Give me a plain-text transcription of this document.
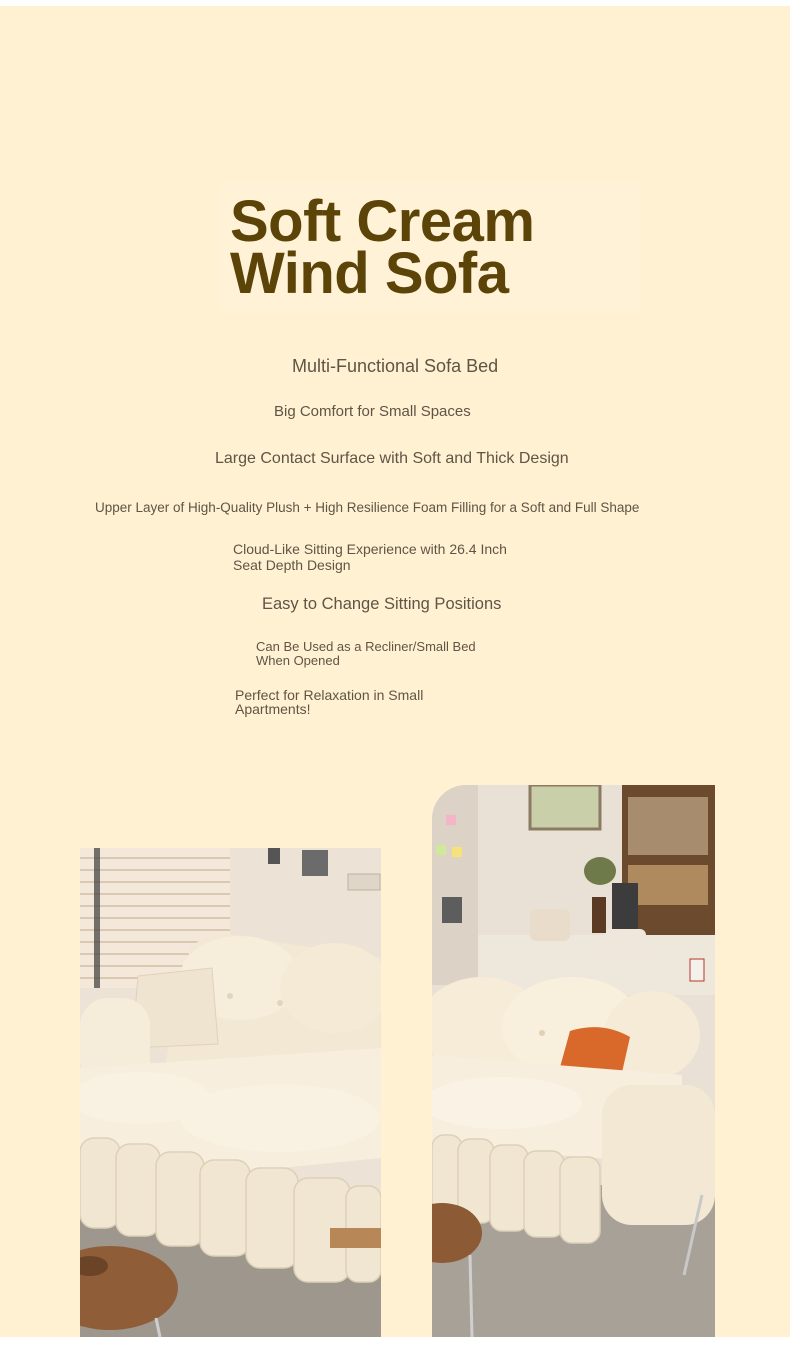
Soft Cream
Wind Sofa
Multi-Functional Sofa Bed
Big Comfort for Small Spaces
Large Contact Surface with Soft and Thick Design
Upper Layer of High-Quality Plush + High Resilience Foam Filling for a Soft and Full Shape
Cloud-Like Sitting Experience with 26.4 Inch
Seat Depth Design
Easy to Change Sitting Positions
Can Be Used as a Recliner/Small Bed
When Opened
Perfect for Relaxation in Small
Apartments!
